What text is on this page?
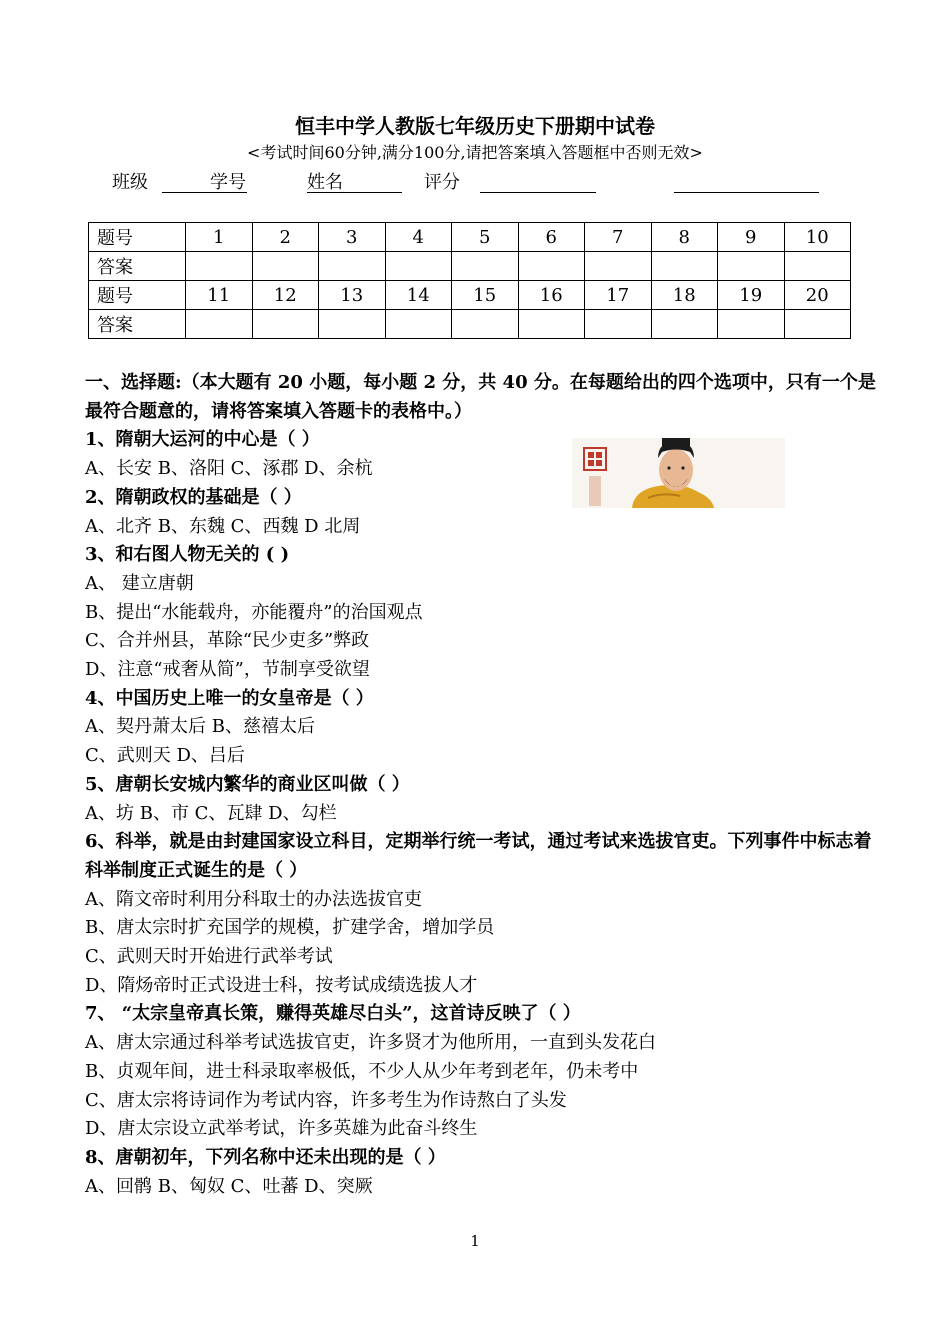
恒丰中学人教版七年级历史下册期中试卷
<考试时间60分钟,满分100分,请把答案填入答题框中否则无效>
班级	学号	姓名	评分
题号	1	2	3	4	5	6	7	8	9	10
答案										
题号	11	12	13	14	15	16	17	18	19	20
答案										

一、选择题:（本大题有 20 小题，每小题 2 分，共 40 分。在每题给出的四个选项中，只有一个是

最符合题意的，请将答案填入答题卡的表格中。）

1、隋朝大运河的中心是（ ）

A、长安 B、洛阳 C、涿郡 D、余杭

2、隋朝政权的基础是（ ）

A、北齐 B、东魏 C、西魏 D 北周

3、和右图人物无关的 ( )

A、 建立唐朝

B、提出“水能载舟，亦能覆舟”的治国观点

C、合并州县，革除“民少吏多”弊政

D、注意“戒奢从简”，节制享受欲望

4、中国历史上唯一的女皇帝是（ ）

A、契丹萧太后 B、慈禧太后

C、武则天 D、吕后

5、唐朝长安城内繁华的商业区叫做（ ）

A、坊 B、市 C、瓦肆 D、勾栏

6、科举，就是由封建国家设立科目，定期举行统一考试，通过考试来选拔官吏。下列事件中标志着科举制度正式诞生的是（ ）

A、隋文帝时利用分科取士的办法选拔官吏

B、唐太宗时扩充国学的规模，扩建学舍，增加学员

C、武则天时开始进行武举考试

D、隋炀帝时正式设进士科，按考试成绩选拔人才

7、 “太宗皇帝真长策，赚得英雄尽白头”，这首诗反映了（ ）

A、唐太宗通过科举考试选拔官吏，许多贤才为他所用，一直到头发花白

B、贞观年间，进士科录取率极低，不少人从少年考到老年，仍未考中

C、唐太宗将诗词作为考试内容，许多考生为作诗熬白了头发

D、唐太宗设立武举考试，许多英雄为此奋斗终生

8、唐朝初年，下列名称中还未出现的是（ ）

A、回鹘 B、匈奴 C、吐蕃 D、突厥

1
